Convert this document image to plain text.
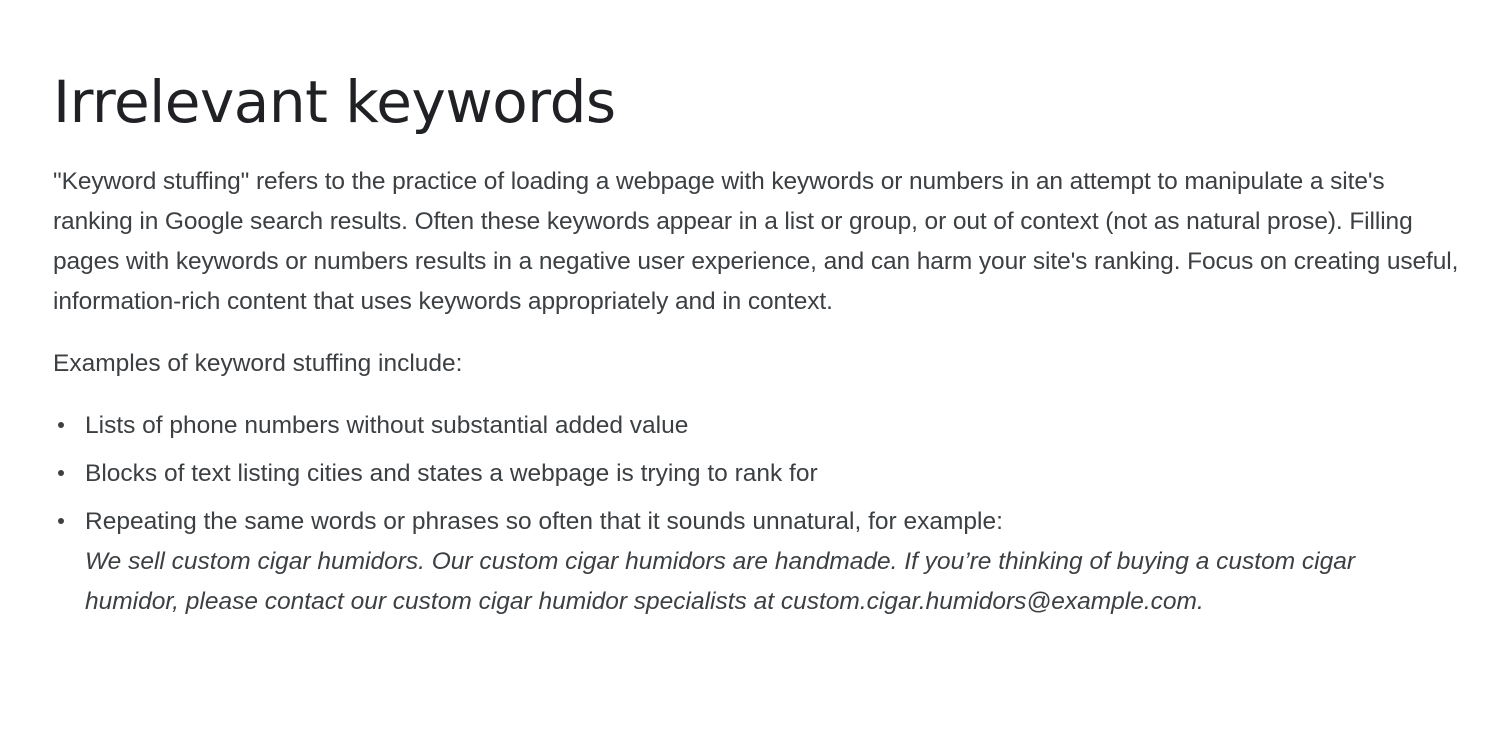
Irrelevant keywords

"Keyword stuffing" refers to the practice of loading a webpage with keywords or numbers in an attempt to manipulate a site's ranking in Google search results. Often these keywords appear in a list or group, or out of context (not as natural prose). Filling pages with keywords or numbers results in a negative user experience, and can harm your site's ranking. Focus on creating useful, information-rich content that uses keywords appropriately and in context.

Examples of keyword stuffing include:

Lists of phone numbers without substantial added value
Blocks of text listing cities and states a webpage is trying to rank for
Repeating the same words or phrases so often that it sounds unnatural, for example:
We sell custom cigar humidors. Our custom cigar humidors are handmade. If you’re thinking of buying a custom cigar humidor, please contact our custom cigar humidor specialists at custom.cigar.humidors@example.com.
